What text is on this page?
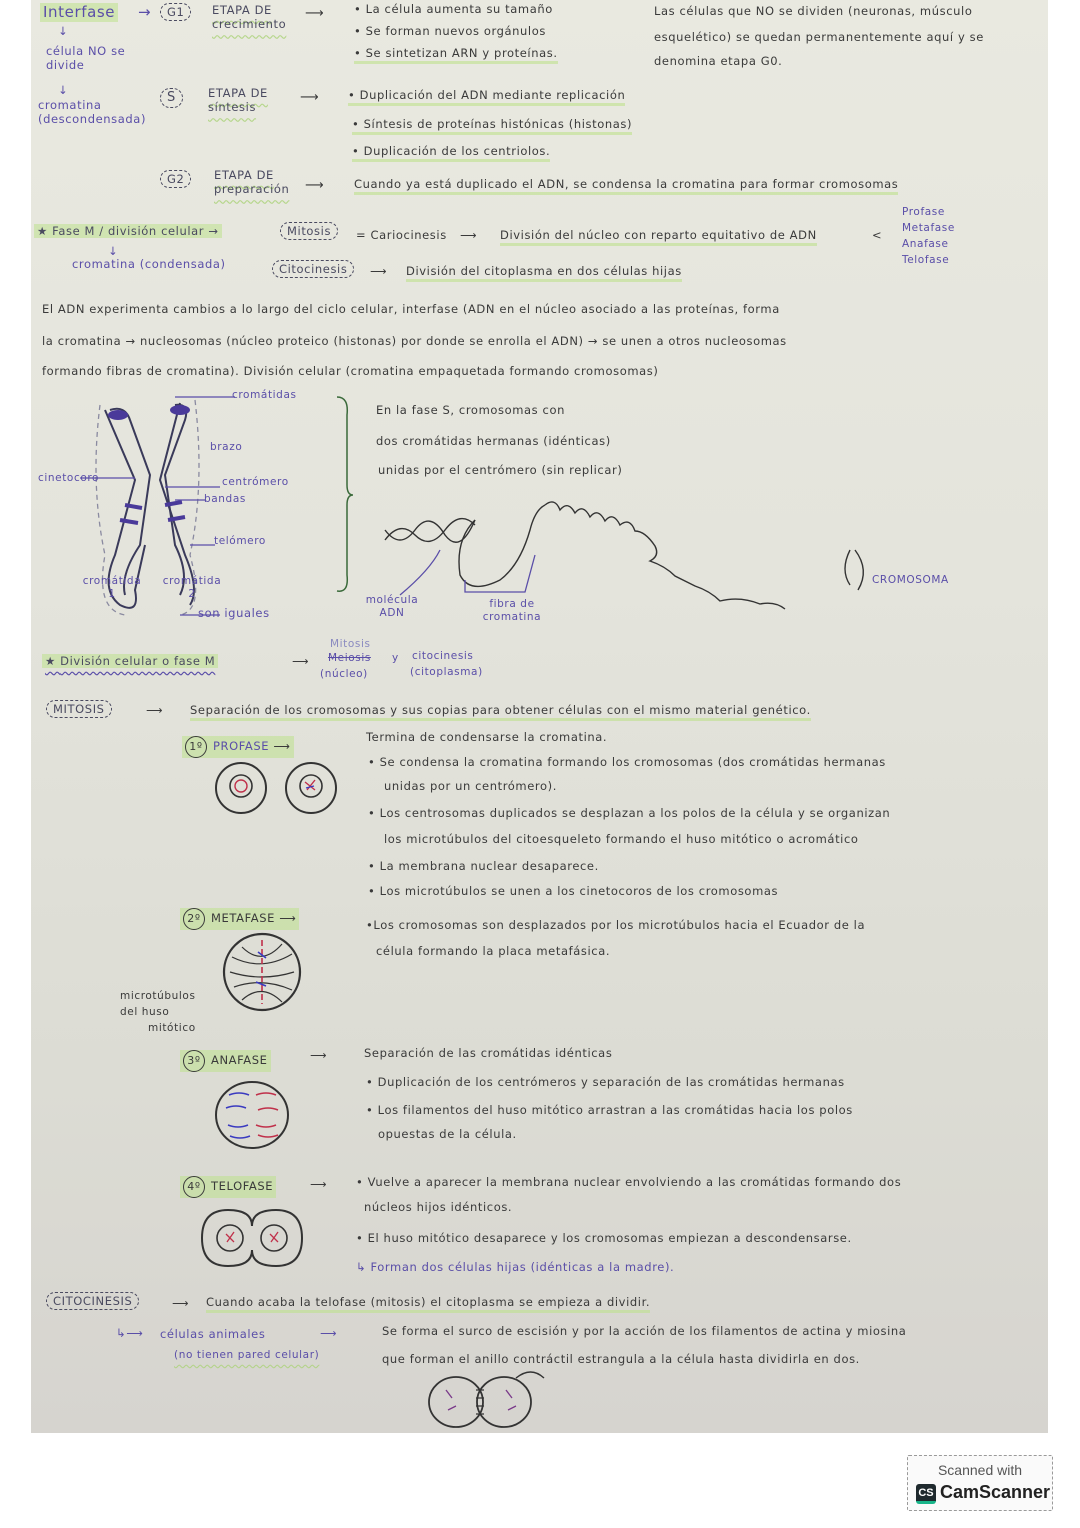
Interfase →
↓
célula NO se divide
↓
cromatina (descondensada)
G1	ETAPA DE crecimiento
⟶	• La célula aumenta su tamaño
• Se forman nuevos orgánulos
• Se sintetizan ARN y proteínas.
Las células que NO se dividen (neuronas, músculo
esquelético) se quedan permanentemente aquí y se
denomina etapa G0.
S	ETAPA DE síntesis
⟶	• Duplicación del ADN mediante replicación
• Síntesis de proteínas histónicas (histonas)
• Duplicación de los centriolos.
G2	ETAPA DE preparación	⟶	Cuando ya está duplicado el ADN, se condensa la cromatina para formar cromosomas
★ Fase M / división celular →
↓
cromatina (condensada)
Mitosis	= Cariocinesis ⟶ División del núcleo con reparto equitativo de ADN	<
Profase
Metafase
Anafase
Telofase
Citocinesis	⟶ División del citoplasma en dos células hijas
El ADN experimenta cambios a lo largo del ciclo celular, interfase (ADN en el núcleo asociado a las proteínas, forma
la cromatina → nucleosomas (núcleo proteico (histonas) por donde se enrolla el ADN) → se unen a otros nucleosomas
formando fibras de cromatina). División celular (cromatina empaquetada formando cromosomas)
cromátidas
brazo
cinetocoro	centrómero
bandas
telómero
cromátida 1
cromátida 2
son iguales
En la fase S, cromosomas con
dos cromátidas hermanas (idénticas)
unidas por el centrómero (sin replicar)
molécula ADN
fibra de cromatina
CROMOSOMA
★ División celular o fase M	⟶
Mitosis
Meiosis
(núcleo)
y citocinesis
(citoplasma)
MITOSIS	⟶ Separación de los cromosomas y sus copias para obtener células con el mismo material genético.
1º PROFASE ⟶
Termina de condensarse la cromatina.
• Se condensa la cromatina formando los cromosomas (dos cromátidas hermanas
unidas por un centrómero).
• Los centrosomas duplicados se desplazan a los polos de la célula y se organizan
los microtúbulos del citoesqueleto formando el huso mitótico o acromático
• La membrana nuclear desaparece.
• Los microtúbulos se unen a los cinetocoros de los cromosomas
2º METAFASE ⟶	•Los cromosomas son desplazados por los microtúbulos hacia el Ecuador de la
célula formando la placa metafásica.
microtúbulos
del huso
mitótico
3º ANAFASE	⟶	Separación de las cromátidas idénticas
• Duplicación de los centrómeros y separación de las cromátidas hermanas
• Los filamentos del huso mitótico arrastran a las cromátidas hacia los polos
opuestas de la célula.
4º TELOFASE	⟶	• Vuelve a aparecer la membrana nuclear envolviendo a las cromátidas formando dos
núcleos hijos idénticos.
• El huso mitótico desaparece y los cromosomas empiezan a descondensarse.
↳ Forman dos células hijas (idénticas a la madre).
CITOCINESIS	⟶ Cuando acaba la telofase (mitosis) el citoplasma se empieza a dividir.
↳⟶ células animales	⟶
(no tienen pared celular)
Se forma el surco de escisión y por la acción de los filamentos de actina y miosina
que forman el anillo contráctil estrangula a la célula hasta dividirla en dos.
Scanned with
CS CamScanner
